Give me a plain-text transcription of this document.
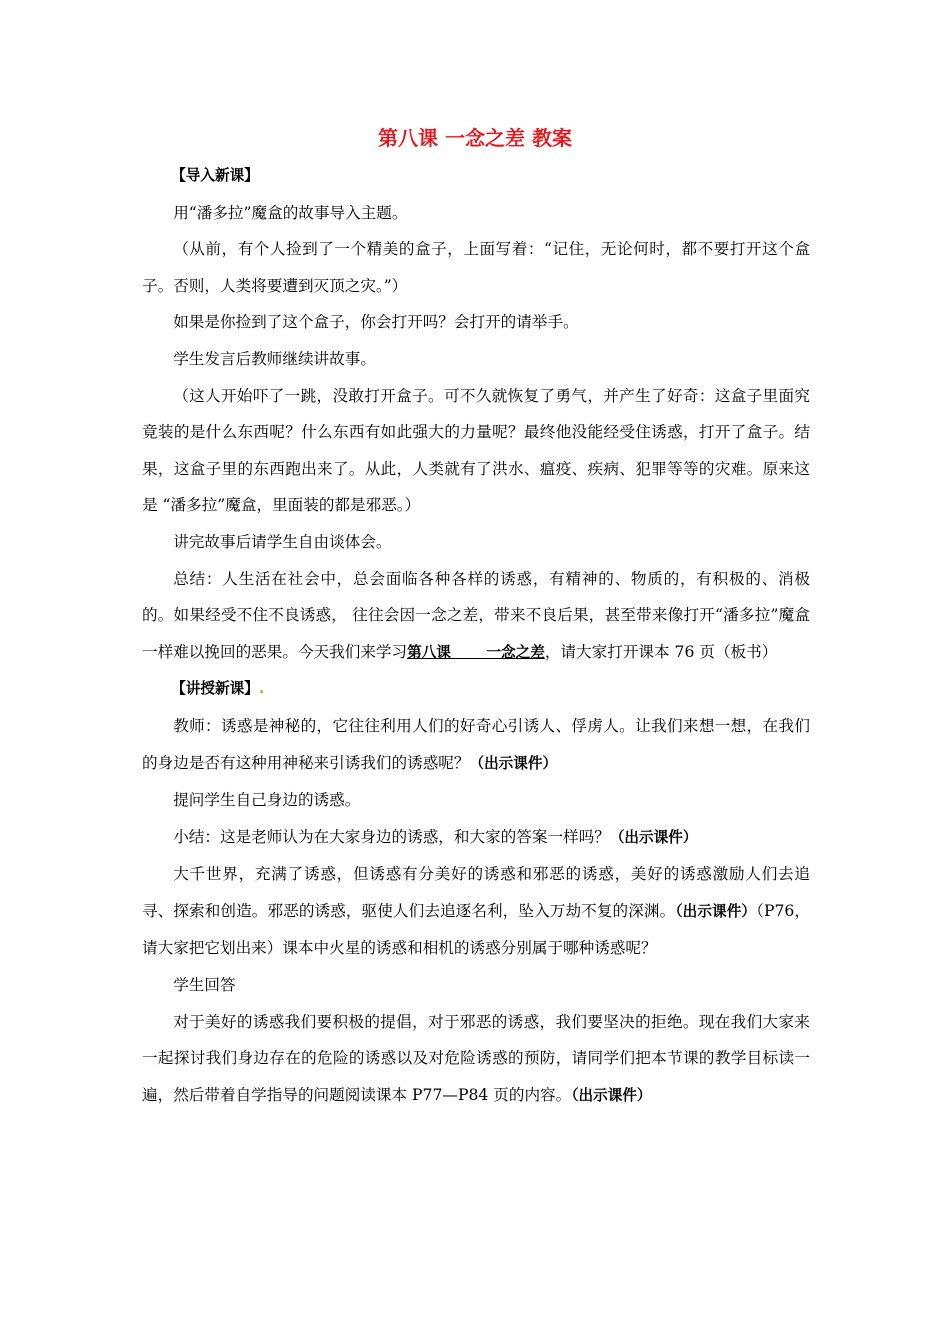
第八课 一念之差 教案

【导入新课】

用“潘多拉”魔盒的故事导入主题。

（从前，有个人捡到了一个精美的盒子，上面写着：“记住，无论何时，都不要打开这个盒子。否则，人类将要遭到灭顶之灾。”）

如果是你捡到了这个盒子，你会打开吗？会打开的请举手。

学生发言后教师继续讲故事。

（这人开始吓了一跳，没敢打开盒子。可不久就恢复了勇气，并产生了好奇：这盒子里面究竟装的是什么东西呢？什么东西有如此强大的力量呢？最终他没能经受住诱惑，打开了盒子。结果，这盒子里的东西跑出来了。从此，人类就有了洪水、瘟疫、疾病、犯罪等等的灾难。原来这是 “潘多拉”魔盒，里面装的都是邪恶。）

讲完故事后请学生自由谈体会。

总结：人生活在社会中，总会面临各种各样的诱惑，有精神的、物质的，有积极的、消极的。如果经受不住不良诱惑， 往往会因一念之差，带来不良后果，甚至带来像打开“潘多拉”魔盒一样难以挽回的恶果。今天我们来学习第八课       一念之差，请大家打开课本 76 页（板书）

【讲授新课】.

教师：诱惑是神秘的，它往往利用人们的好奇心引诱人、俘虏人。让我们来想一想，在我们的身边是否有这种用神秘来引诱我们的诱惑呢？（出示课件）

提问学生自己身边的诱惑。

小结：这是老师认为在大家身边的诱惑，和大家的答案一样吗？（出示课件）

大千世界，充满了诱惑，但诱惑有分美好的诱惑和邪恶的诱惑，美好的诱惑激励人们去追寻、探索和创造。邪恶的诱惑，驱使人们去追逐名利，坠入万劫不复的深渊。（出示课件）（P76，请大家把它划出来）课本中火星的诱惑和相机的诱惑分别属于哪种诱惑呢？

学生回答

对于美好的诱惑我们要积极的提倡，对于邪恶的诱惑，我们要坚决的拒绝。现在我们大家来一起探讨我们身边存在的危险的诱惑以及对危险诱惑的预防，请同学们把本节课的教学目标读一遍，然后带着自学指导的问题阅读课本 P77—P84 页的内容。（出示课件）
